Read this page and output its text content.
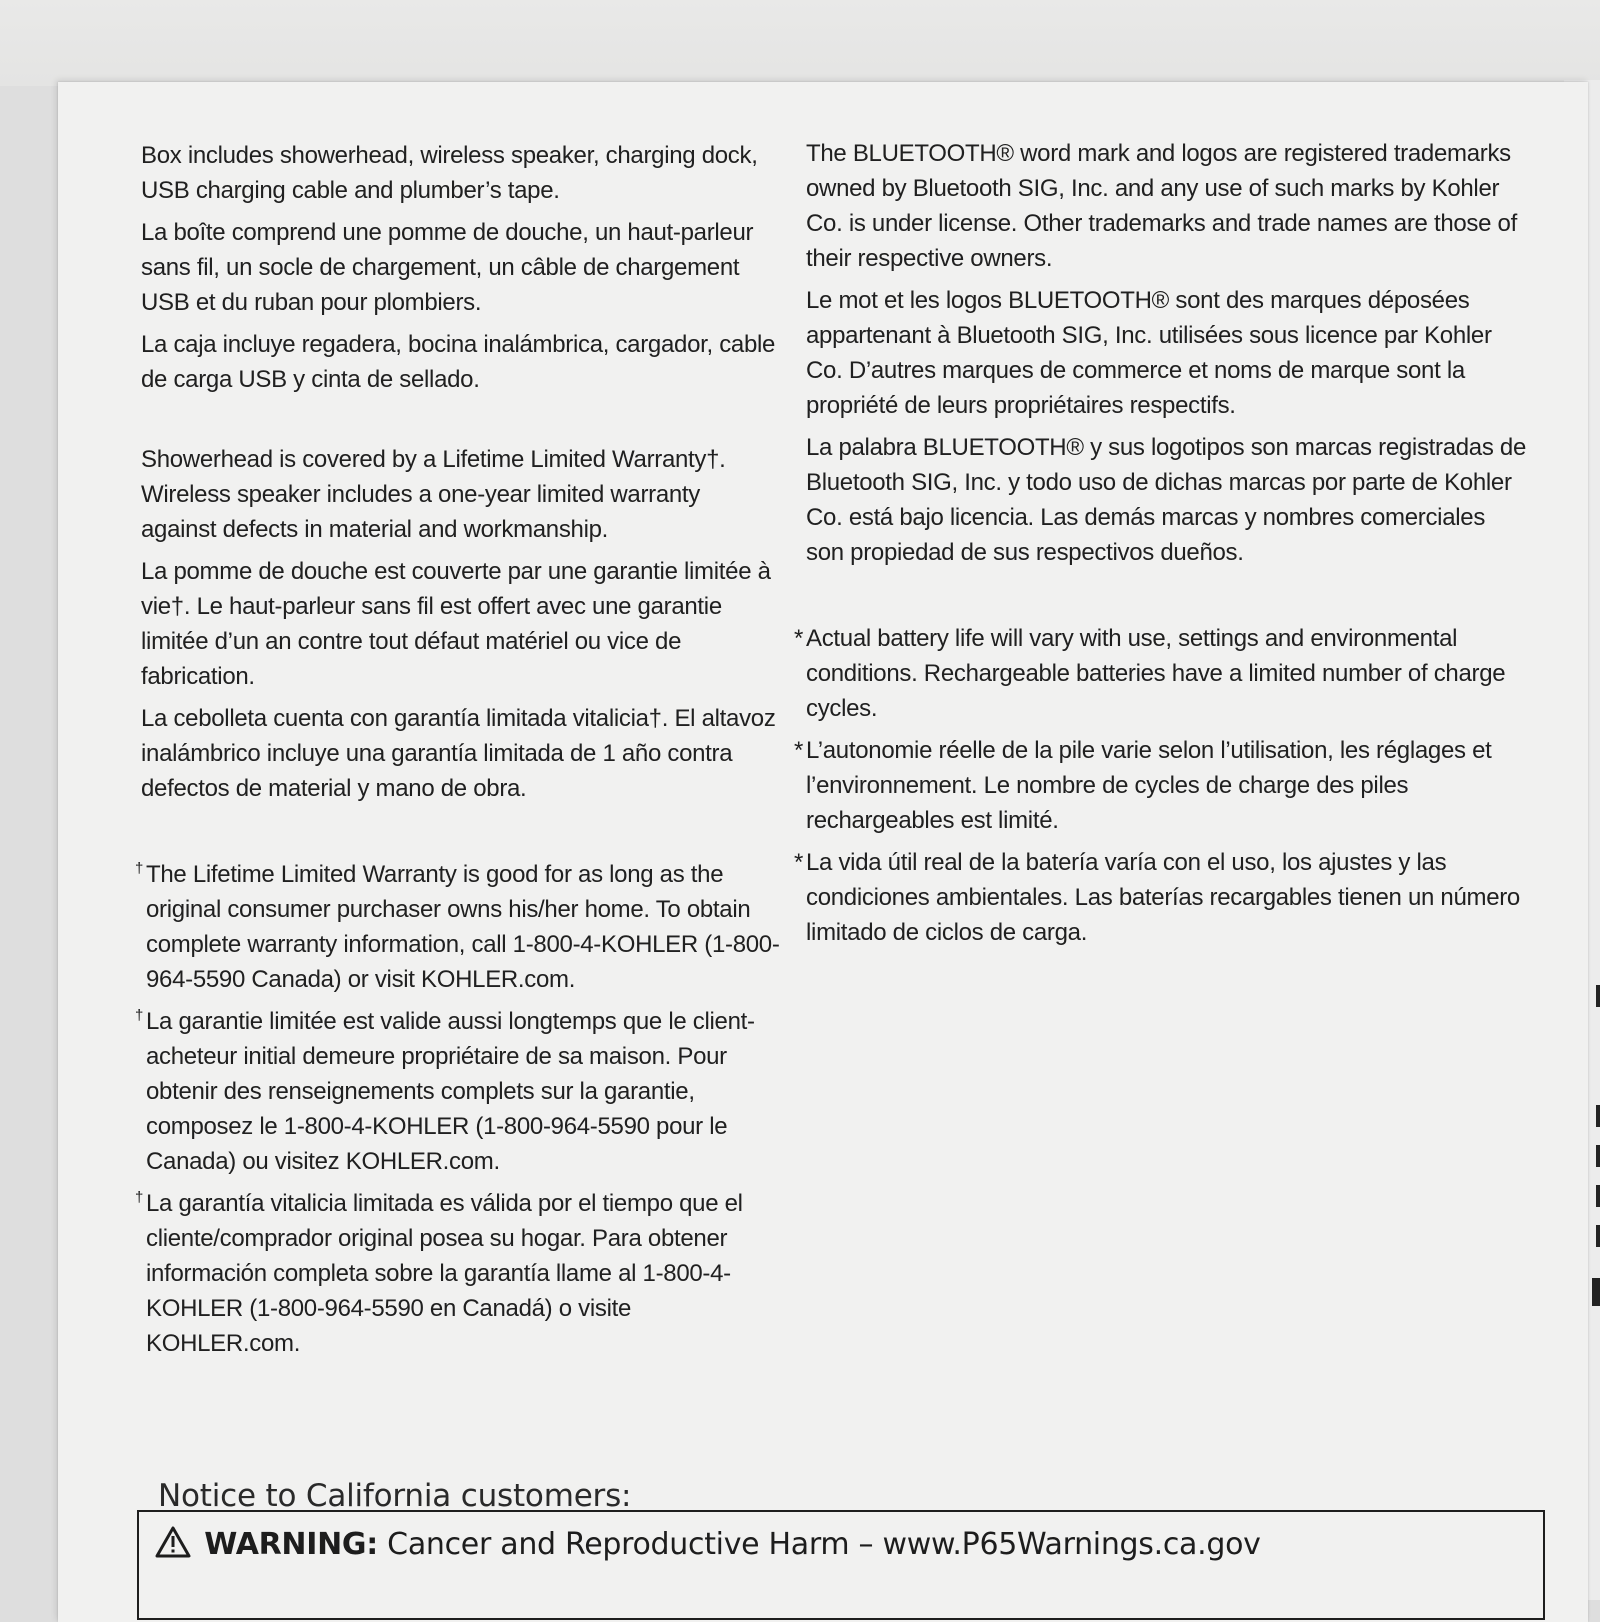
Box includes showerhead, wireless speaker, charging dock, USB charging cable and plumber’s tape.

La boîte comprend une pomme de douche, un haut-parleur sans fil, un socle de chargement, un câble de chargement USB et du ruban pour plombiers.

La caja incluye regadera, bocina inalámbrica, cargador, cable de carga USB y cinta de sellado.

Showerhead is covered by a Lifetime Limited Warranty†. Wireless speaker includes a one-year limited warranty against defects in material and workmanship.

La pomme de douche est couverte par une garantie limitée à vie†. Le haut-parleur sans fil est offert avec une garantie limitée d’un an contre tout défaut matériel ou vice de fabrication.

La cebolleta cuenta con garantía limitada vitalicia†. El altavoz inalámbrico incluye una garantía limitada de 1 año contra defectos de material y mano de obra.

† The Lifetime Limited Warranty is good for as long as the original consumer purchaser owns his/her home. To obtain complete warranty information, call 1-800-4-KOHLER (1-800-964-5590 Canada) or visit KOHLER.com.

† La garantie limitée est valide aussi longtemps que le client-acheteur initial demeure propriétaire de sa maison. Pour obtenir des renseignements complets sur la garantie, composez le 1-800-4-KOHLER (1-800-964-5590 pour le Canada) ou visitez KOHLER.com.

† La garantía vitalicia limitada es válida por el tiempo que el cliente/comprador original posea su hogar. Para obtener información completa sobre la garantía llame al 1-800-4-KOHLER (1-800-964-5590 en Canadá) o visite KOHLER.com.

The BLUETOOTH® word mark and logos are registered trademarks owned by Bluetooth SIG, Inc. and any use of such marks by Kohler Co. is under license. Other trademarks and trade names are those of their respective owners.

Le mot et les logos BLUETOOTH® sont des marques déposées appartenant à Bluetooth SIG, Inc. utilisées sous licence par Kohler Co. D’autres marques de commerce et noms de marque sont la propriété de leurs propriétaires respectifs.

La palabra BLUETOOTH® y sus logotipos son marcas registradas de Bluetooth SIG, Inc. y todo uso de dichas marcas por parte de Kohler Co. está bajo licencia. Las demás marcas y nombres comerciales son propiedad de sus respectivos dueños.

* Actual battery life will vary with use, settings and environmental conditions. Rechargeable batteries have a limited number of charge cycles.

* L’autonomie réelle de la pile varie selon l’utilisation, les réglages et l’environnement. Le nombre de cycles de charge des piles rechargeables est limité.

* La vida útil real de la batería varía con el uso, los ajustes y las condiciones ambientales. Las baterías recargables tienen un número limitado de ciclos de carga.

Notice to California customers:
WARNING: Cancer and Reproductive Harm – www.P65Warnings.ca.gov
